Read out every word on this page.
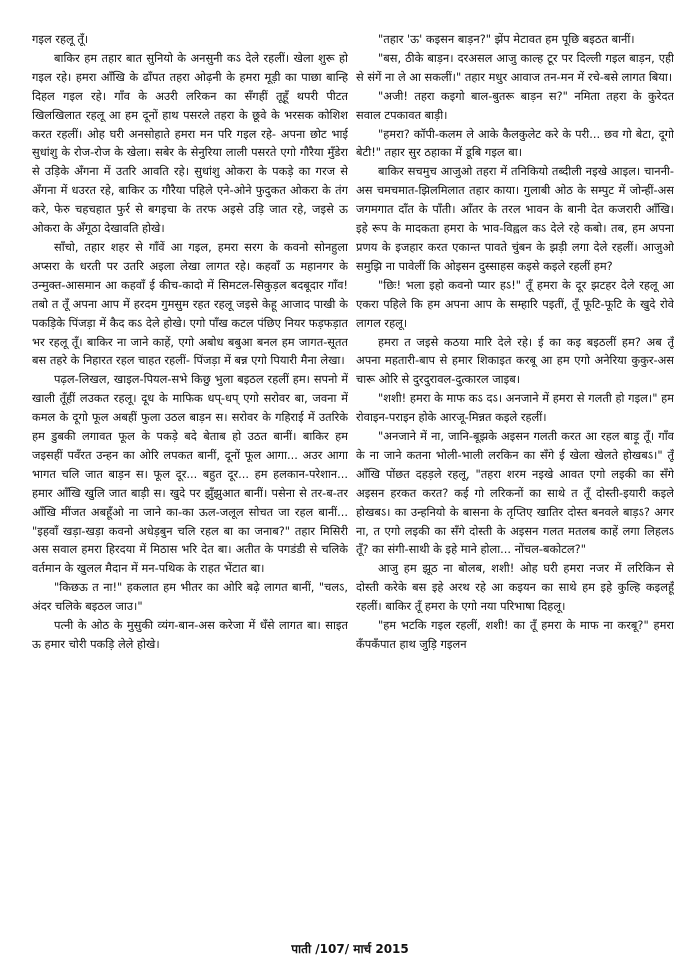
गइल रहलू तूँ।

बाकिर हम तहार बात सुनियो के अनसुनी कऽ देले रहलीं। खेला शुरू हो गइल रहे। हमरा आँखि के ढाँपत तहरा ओढ़नी के हमरा मूड़ी का पाछा बान्हि दिहल गइल रहे। गाँव के अउरी लरिकन का सँगहीं तूहूँ थपरी पीटत खिलखिलात रहलू आ हम दूनों हाथ पसरले तहरा के छूवे के भरसक कोशिश करत रहलीं। ओह घरी अनसोहाते हमरा मन परि गइल रहे- अपना छोट भाई सुधांशु के रोज-रोज के खेला। सबेर के सेनुरिया लाली पसरते एगो गौरैया मुँडेरा से उड़िके अँगना में उतरि आवति रहे। सुधांशु ओकरा के पकड़े का गरज से अँगना में धउरत रहे, बाकिर ऊ गौरैया पहिले एने-ओने फुदुकत ओकरा के तंग करे, फेरु चहचहात फुर्र से बगइचा के तरफ अइसे उड़ि जात रहे, जइसे ऊ ओकरा के अँगूठा देखावति होखे।

साँचो, तहार शहर से गाँवें आ गइल, हमरा सरग के कवनो सोनहुला अप्सरा के धरती पर उतरि अइला लेखा लागत रहे। कहवाँ ऊ महानगर के उन्मुक्त-आसमान आ कहवाँ ई कीच-कादो में सिमटल-सिकुड़ल बदबूदार गाँव! तबो त तूँ अपना आप में हरदम गुमसुम रहत रहलू जइसे केहू आजाद पाखी के पकड़िके पिंजड़ा में कैद कऽ देले होखे। एगो पाँख कटल पंछिए नियर फड़फड़ात भर रहलू तूँ। बाकिर ना जाने काहें, एगो अबोध बबुआ बनल हम जागत-सूतत बस तहरे के निहारत रहल चाहत रहलीं- पिंजड़ा में बन्न एगो पियारी मैना लेखा।

पढ़ल-लिखल, खाइल-पियल-सभे किछु भुला बइठल रहलीं हम। सपनो में खाली तूँहीं लउकत रहलू। दूध के माफिक धप्-धप् एगो सरोवर बा, जवना में कमल के दूगो फूल अबहीं फुला उठल बाड़न स। सरोवर के गहिराई में उतरिके हम डुबकी लगावत फूल के पकड़े बदे बेताब हो उठत बानीं। बाकिर हम जइसहीं पवँरत उन्हन का ओरि लपकत बानीं, दूनों फूल आगा... अउर आगा भागत चलि जात बाड़न स। फूल दूर... बहुत दूर... हम हलकान-परेशान... हमार आँखि खुलि जात बाड़ी स। खुदे पर झुँझुआत बानीं। पसेना से तर-ब-तर आँखि मींजत अबहूँओ ना जाने का-का ऊल-जलूल सोचत जा रहल बानीं... "इहवाँ खड़ा-खड़ा कवनो अधेड़बुन चलि रहल बा का जनाब?" तहार मिसिरी अस सवाल हमरा हिरदया में मिठास भरि देत बा। अतीत के पगडंडी से चलिके वर्तमान के खुलल मैदान में मन-पथिक के राहत भेंटात बा।

"किछऊ त ना!" हकलात हम भीतर का ओरि बढ़े लागत बानीं, "चलऽ, अंदर चलिके बइठल जाउ।"

पत्नी के ओठ के मुसुकी व्यंग-बान-अस करेजा में धँसे लागत बा। साइत ऊ हमार चोरी पकड़ि लेले होखे।

"तहार 'ऊ' कइसन बाड़न?" झेंप मेटावत हम पूछि बइठत बानीं।

"बस, ठीके बाड़न। दरअसल आजु काल्ह टूर पर दिल्ली गइल बाड़न, एही से संगें ना ले आ सकलीं।" तहार मधुर आवाज तन-मन में रचे-बसे लागत बिया।

"अजी! तहरा कइगो बाल-बुतरू बाड़न स?" नमिता तहरा के कुरेदत सवाल टपकावत बाड़ी।

"हमरा? कॉपी-कलम ले आके कैलकुलेट करे के परी... छव गो बेटा, दूगो बेटी!" तहार सुर ठहाका में डूबि गइल बा।

बाकिर सचमुच आजुओ तहरा में तनिकियो तब्दीली नइखे आइल। चाननी-अस चमचमात-झिलमिलात तहार काया। गुलाबी ओठ के सम्पुट में जोन्हीं-अस जगमगात दाँत के पाँती। आँतर के तरल भावन के बानी देत कजरारी आँखि। इहे रूप के मादकता हमरा के भाव-विह्वल कऽ देले रहे कबो। तब, हम अपना प्रणय के इजहार करत एकान्त पावते चुंबन के झड़ी लगा देले रहलीं। आजुओ समुझि ना पावेलीं कि ओइसन दुस्साहस कइसे कइले रहलीं हम?

"छिः! भला इहो कवनो प्यार हऽ!" तूँ हमरा के दूर झटहर देले रहलू आ एकरा पहिले कि हम अपना आप के सम्हारि पइतीं, तूँ फूटि-फूटि के खुदे रोवे लागल रहलू।

हमरा त जइसे कठया मारि देले रहे। ई का कइ बइठलीं हम? अब तूँ अपना महतारी-बाप से हमार शिकाइत करबू आ हम एगो अनेरिया कुकुर-अस चारू ओरि से दुरदुरावल-दुत्कारल जाइब।

"शशी! हमरा के माफ कऽ दऽ। अनजाने में हमरा से गलती हो गइल।" हम रोवाइन-पराइन होके आरजू-मिन्नत कइले रहलीं।

"अनजाने में ना, जानि-बूझके अइसन गलती करत आ रहल बाड़ू तूँ। गाँव के ना जाने कतना भोली-भाली लरकिन का सँगे ई खेला खेलते होखबऽ।" तूँ आँखि पोंछत दहड़ले रहलू, "तहरा शरम नइखे आवत एगो लइकी का सँगे अइसन हरकत करत? कई गो लरिकनों का साथे त तूँ दोस्ती-इयारी कइले होखबऽ। का उन्हनियो के बासना के तृप्तिए खातिर दोस्त बनवले बाड़ऽ? अगर ना, त एगो लइकी का सँगे दोस्ती के अइसन गलत मतलब काहें लगा लिहलऽ तूँ? का संगी-साथी के इहे माने होला... नोंचल-बकोटल?"

आजु हम झूठ ना बोलब, शशी! ओह घरी हमरा नजर में लरिकिन से दोस्ती करेके बस इहे अरथ रहे आ कइयन का साथे हम इहे कुल्हि कइलहूँ रहलीं। बाकिर तूँ हमरा के एगो नया परिभाषा दिहलू।

"हम भटकि गइल रहलीं, शशी! का तूँ हमरा के माफ ना करबू?" हमरा कँपकँपात हाथ जुड़ि गइलन

पाती /107/ मार्च 2015
